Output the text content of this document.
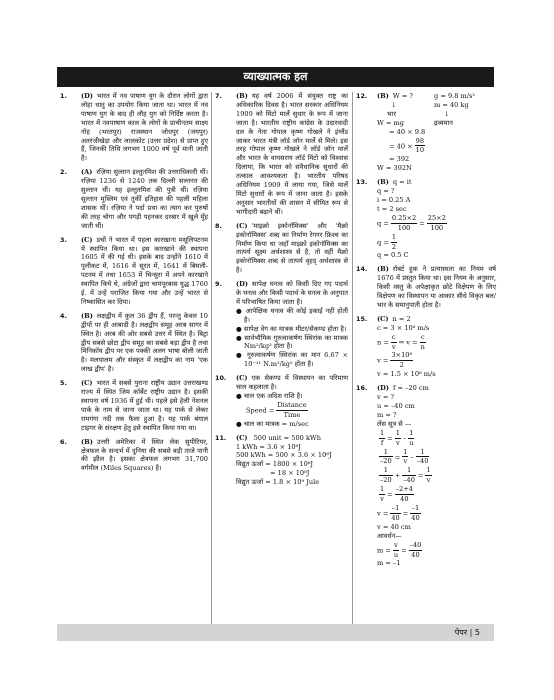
व्याख्यात्मक हल
1.	(D) भारत में नव पाषाण युग के दौरान लोगों द्वारा लोहा धातु का उपयोग किया जाता था। भारत में नव पाषाण युग के बाद ही लौह युग को निर्दिष्ट करता है। भारत में नवपाषाण काल के लोगों के प्राचीनतम साक्ष्य नोह (भरतपुर) राजस्थान जोधपुर (जयपुर) अतरंजीखेड़ा और लालकोट (उत्तर प्रदेश) से प्राप्त हुए हैं, जिनकी तिथि लगभग 1000 वर्ष पूर्व मानी जाती है।
2.	(A) रज़िया सुल्तान इल्तुतमिश की उत्तराधिकारी थीं। रज़िया 1236 से 1240 तक दिल्ली सल्तनत की सुल्तान थीं। यह इल्तुतमिश की पुत्री थीं। रज़िया सुल्तान मुस्लिम एवं तुर्की इतिहास की पहली महिला शासक थीं। रज़िया ने पर्दा प्रथा का त्याग कर पुरुषों की तरह चोगा और पगड़ी पहनकर दरबार में खुले मुँह जाती थीं।
3.	(C) डचों ने भारत में पहला कारखाना मसूलिपटनम में स्थापित किया था। इस कारखाने की स्थापना 1605 में की गई थी। इसके बाद उन्होंने 1610 में पुलीकट में, 1616 में सूरत में, 1641 में बिमली-पटनम में तथा 1653 में चिन्सुरा में अपने कारखाने स्थापित किये थे, अंग्रेजों द्वारा चायपूरबास युद्ध 1760 ई. में उन्हें पराजित किया गया और उन्हें भारत से निष्कासित कर दिया।
4.	(B) लक्षद्वीप में कुल 36 द्वीप हैं, परन्तु केवल 10 द्वीपों पर ही आबादी है। लक्षद्वीप समूह अरब सागर में स्थित है। अरब की ओर सबसे उत्तर में स्थित है। बिट्रा द्वीप सबसे छोटा द्वीप समूह का सबसे बड़ा द्वीप है तथा मिनिकॉय द्वीप पर एक पक्की अलग भाषा बोली जाती है। मलयालम और संस्कृत में लक्षद्वीप का नाम 'एक लाख द्वीप' है।
5.	(C) भारत में सबसे पुराना राष्ट्रीय उद्यान उत्तराखण्ड राज्य में स्थित जिम कॉर्बेट राष्ट्रीय उद्यान है। इसकी स्थापना वर्ष 1936 में हुई थी। पहले इसे हेली नेशनल पार्क के नाम से जाना जाता था। यह पार्क से लेकर रामगंगा नदी तक फैला हुआ है। यह पार्क बंगाल टाइगर के संरक्षण हेतु इसे स्थापित किया गया था।
6.	(B) उत्तरी अमेरिका में स्थित लेक सुपीरियर, क्षेत्रफल के सन्दर्भ में दुनिया की सबसे बड़ी ताजे पानी की झील है। इसका क्षेत्रफल लगभग 31,700 वर्गमील (Miles Squares) है।
7.	(B) यह वर्ष 2006 में संयुक्त राष्ट्र का अधिकारिक दिवस है। भारत सरकार अधिनियम 1909 को मिंटो मार्ले सुधार के रूप में जाना जाता है। भारतीय राष्ट्रीय कांग्रेस के उदारवादी दल के नेता गोपाल कृष्ण गोखले ने इंग्लैंड जाकर भारत मंत्री लॉर्ड जॉन मार्ले से मिले। इस तरह गोपाल कृष्ण गोखले ने लॉर्ड जॉन मार्ले और भारत के वायसराय लॉर्ड मिंटो को विश्वास दिलाया, कि भारत को संवैधानिक सुधारों की तत्काल आवश्यकता है। भारतीय परिषद अधिनियम 1909 में लाया गया, जिसे मार्ले मिंटो सुधारों के रूप में जाना जाता है। इसके अनुसार भारतीयों की शासन में सीमित रूप से भागीदारी बढ़ाने थीं।
8.	(C) 'माइक्रो इकोनॉमिक्स' और 'मैक्रो इकोनॉमिक्स' शब्द का निर्माण रेगनर फ्रिश्च का निर्माण किया था जहाँ माइक्रो इकोनॉमिक्स का तात्पर्य सूक्ष्म अर्थशास्त्र से है, तो वहीं मैक्रो इकोनॉमिक्स शब्द से तात्पर्य वृहद् अर्थशास्त्र से है।
9.	(D) सापेक्ष घनत्व को किसी दिए गए पदार्थ के घनत्व और किसी पदार्थ के घनत्व के अनुपात में परिभाषित किया जाता है।
● आपेक्षिक घनत्व की कोई इकाई नहीं होती है।
● सापेक्ष वेग का मात्रक मीटर/सेकण्ड होता है।
● सार्वभौमिक गुरुत्वाकर्षण स्थिरांक का मात्रक Nm²/kg² होता है।
● गुरुत्वाकर्षण स्थिरांक का मान 6.67 × 10⁻¹¹ N.m²/kg² होता है।
10.	(C) एक सेकण्ड में विस्थापन का परिमाण चाल कहलाता है।
● चाल एक अदिश राशि है।
Speed = $\frac{\text{Distance}}{\text{Time}}$
● चाल का मात्रक = m/sec
11.	(C) 500 unit = 500 kWh
1 kWh = 3.6 × 10⁶J
500 kWh = 500 × 3.6 × 10⁶J
विद्युत ऊर्जा = 1800 × 10⁶J
= 18 × 10⁸J
विद्युत ऊर्जा = 1.8 × 10⁹ Jule
12.	(B) W = ?
↓
भार
W = mg
= 40 × 9.8
= $40 \times \frac{98}{10}$
= 392
W = 392N
g = 9.8 m/s²
m = 40 kg
↓
द्रव्यमान
13.	(B) q = it
q = ?
i = 0.25 A
t = 2 sec
$q = \frac{0.25\times 2}{100} = \frac{25\times 2}{100}$
$q = \frac{1}{2}$
q = 0.5 C
14.	(B) रॉबर्ट हुक ने प्रत्यास्थता का नियम वर्ष 1676 में प्रस्तुत किया था। इस नियम के अनुसार, किसी वस्तु के अपेक्षाकृत छोटे विक्षेपण के लिए विक्षेपण का विस्थापन या आकार सीधे विकृत बल/भार के समानुपाती होता है।
15.	(C) n = 2
c = 3 × 10⁸ m/s
$n = \frac{c}{v}$ ⇒ $v = \frac{c}{n}$
$v = \frac{\text{3×10⁸}}{2}$
v = 1.5 × 10⁸ m/s
16.	(D) f = –20 cm
v = ?
u = –40 cm
m = ?
लेंस सूत्र से —
$\frac{1}{f} = \frac{1}{v} - \frac{1}{u}$
$\frac{1}{-20} = \frac{1}{v} - \frac{1}{-40}$
$\frac{1}{-20} + \frac{1}{-40} = \frac{1}{v}$
$\frac{1}{v} = \frac{-2+4}{40}$
$v = \frac{-1}{40} = \frac{-1}{40}$
v = 40 cm
आवर्धन—
$m = \frac{v}{u} = \frac{-40}{40}$
m = –1
पेपर | 5
